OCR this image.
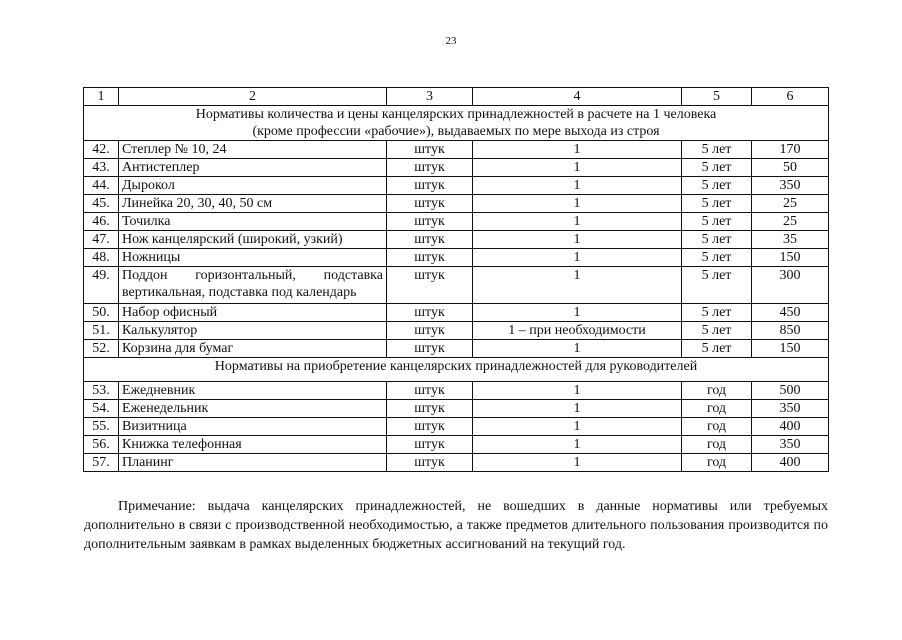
23
1	2	3	4	5	6

Нормативы количества и цены канцелярских принадлежностей в расчете на 1 человека
(кроме профессии «рабочие»), выдаваемых по мере выхода из строя					

42.	Степлер № 10, 24	штук	1	5 лет	170
43.	Антистеплер	штук	1	5 лет	50
44.	Дырокол	штук	1	5 лет	350
45.	Линейка 20, 30, 40, 50 см	штук	1	5 лет	25
46.	Точилка	штук	1	5 лет	25
47.	Нож канцелярский (широкий, узкий)	штук	1	5 лет	35
48.	Ножницы	штук	1	5 лет	150
49.	Поддон горизонтальный, подставка вертикальная, подставка под календарь	штук	1	5 лет	300
50.	Набор офисный	штук	1	5 лет	450
51.	Калькулятор	штук	1 – при необходимости	5 лет	850
52.	Корзина для бумаг	штук	1	5 лет	150

Нормативы на приобретение канцелярских принадлежностей для руководителей					

53.	Ежедневник	штук	1	год	500
54.	Еженедельник	штук	1	год	350
55.	Визитница	штук	1	год	400
56.	Книжка телефонная	штук	1	год	350
57.	Планинг	штук	1	год	400
Примечание: выдача канцелярских принадлежностей, не вошедших в данные нормативы или требуемых дополнительно в связи с производственной необходимостью, а также предметов длительного пользования производится по дополнительным заявкам в рамках выделенных бюджетных ассигнований на текущий год.
